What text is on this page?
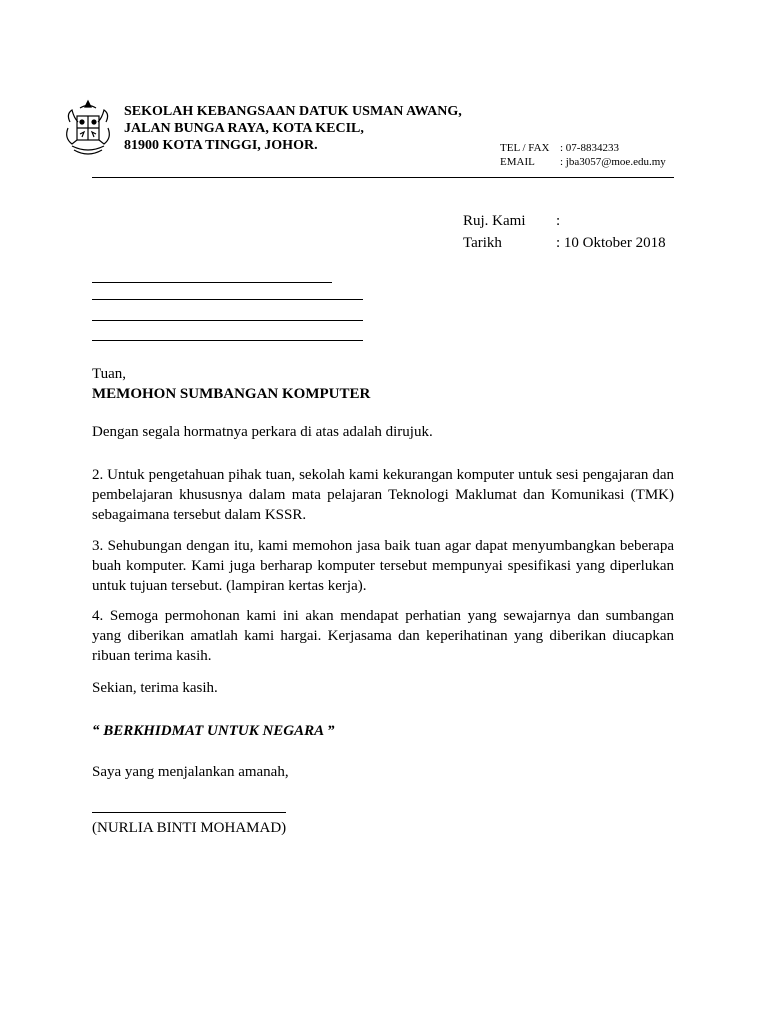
SEKOLAH KEBANGSAAN DATUK USMAN AWANG,
JALAN BUNGA RAYA, KOTA KECIL,
81900 KOTA TINGGI, JOHOR.	TEL / FAX : 07-8834233
EMAIL : jba3057@moe.edu.my
Ruj. Kami :
Tarikh	: 10 Oktober 2018
Tuan,
MEMOHON SUMBANGAN KOMPUTER
Dengan segala hormatnya perkara di atas adalah dirujuk.

2. Untuk pengetahuan pihak tuan, sekolah kami kekurangan komputer untuk sesi pengajaran dan pembelajaran khususnya dalam mata pelajaran Teknologi Maklumat dan Komunikasi (TMK) sebagaimana tersebut dalam KSSR.

3. Sehubungan dengan itu, kami memohon jasa baik tuan agar dapat menyumbangkan beberapa buah komputer. Kami juga berharap komputer tersebut mempunyai spesifikasi yang diperlukan untuk tujuan tersebut. (lampiran kertas kerja).

4. Semoga permohonan kami ini akan mendapat perhatian yang sewajarnya dan sumbangan yang diberikan amatlah kami hargai. Kerjasama dan keperihatinan yang diberikan diucapkan ribuan terima kasih.

Sekian, terima kasih.
“ BERKHIDMAT UNTUK NEGARA ”
Saya yang menjalankan amanah,
(NURLIA BINTI MOHAMAD)
